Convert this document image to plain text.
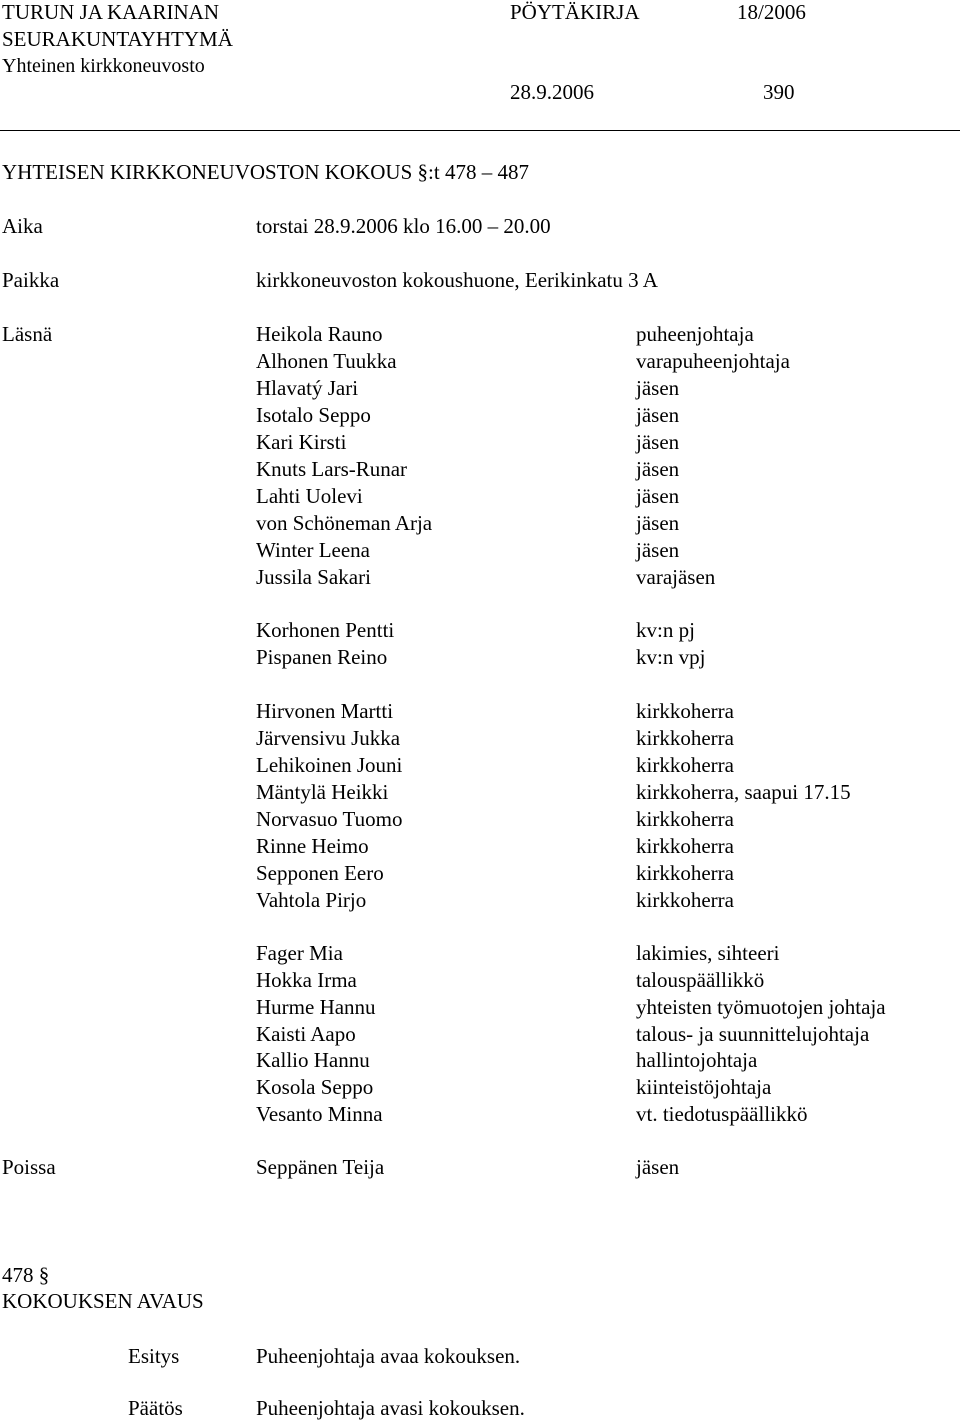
TURUN JA KAARINAN
SEURAKUNTAYHTYMÄ
Yhteinen kirkkoneuvosto
PÖYTÄKIRJA	18/2006
28.9.2006	390
YHTEISEN KIRKKONEUVOSTON KOKOUS §:t 478 – 487
Aika	torstai 28.9.2006 klo 16.00 – 20.00
Paikka	kirkkoneuvoston kokoushuone, Eerikinkatu 3 A
Läsnä	Heikola Rauno	puheenjohtaja
Alhonen Tuukka	varapuheenjohtaja
Hlavatý Jari	jäsen
Isotalo Seppo	jäsen
Kari Kirsti	jäsen
Knuts Lars-Runar	jäsen
Lahti Uolevi	jäsen
von Schöneman Arja	jäsen
Winter Leena	jäsen
Jussila Sakari	varajäsen
Korhonen Pentti	kv:n pj
Pispanen Reino	kv:n vpj
Hirvonen Martti	kirkkoherra
Järvensivu Jukka	kirkkoherra
Lehikoinen Jouni	kirkkoherra
Mäntylä Heikki	kirkkoherra, saapui 17.15
Norvasuo Tuomo	kirkkoherra
Rinne Heimo	kirkkoherra
Sepponen Eero	kirkkoherra
Vahtola Pirjo	kirkkoherra
Fager Mia	lakimies, sihteeri
Hokka Irma	talouspäällikkö
Hurme Hannu	yhteisten työmuotojen johtaja
Kaisti Aapo	talous- ja suunnittelujohtaja
Kallio Hannu	hallintojohtaja
Kosola Seppo	kiinteistöjohtaja
Vesanto Minna	vt. tiedotuspäällikkö
Poissa	Seppänen Teija	jäsen
478 §
KOKOUKSEN AVAUS
Esitys	Puheenjohtaja avaa kokouksen.
Päätös	Puheenjohtaja avasi kokouksen.
